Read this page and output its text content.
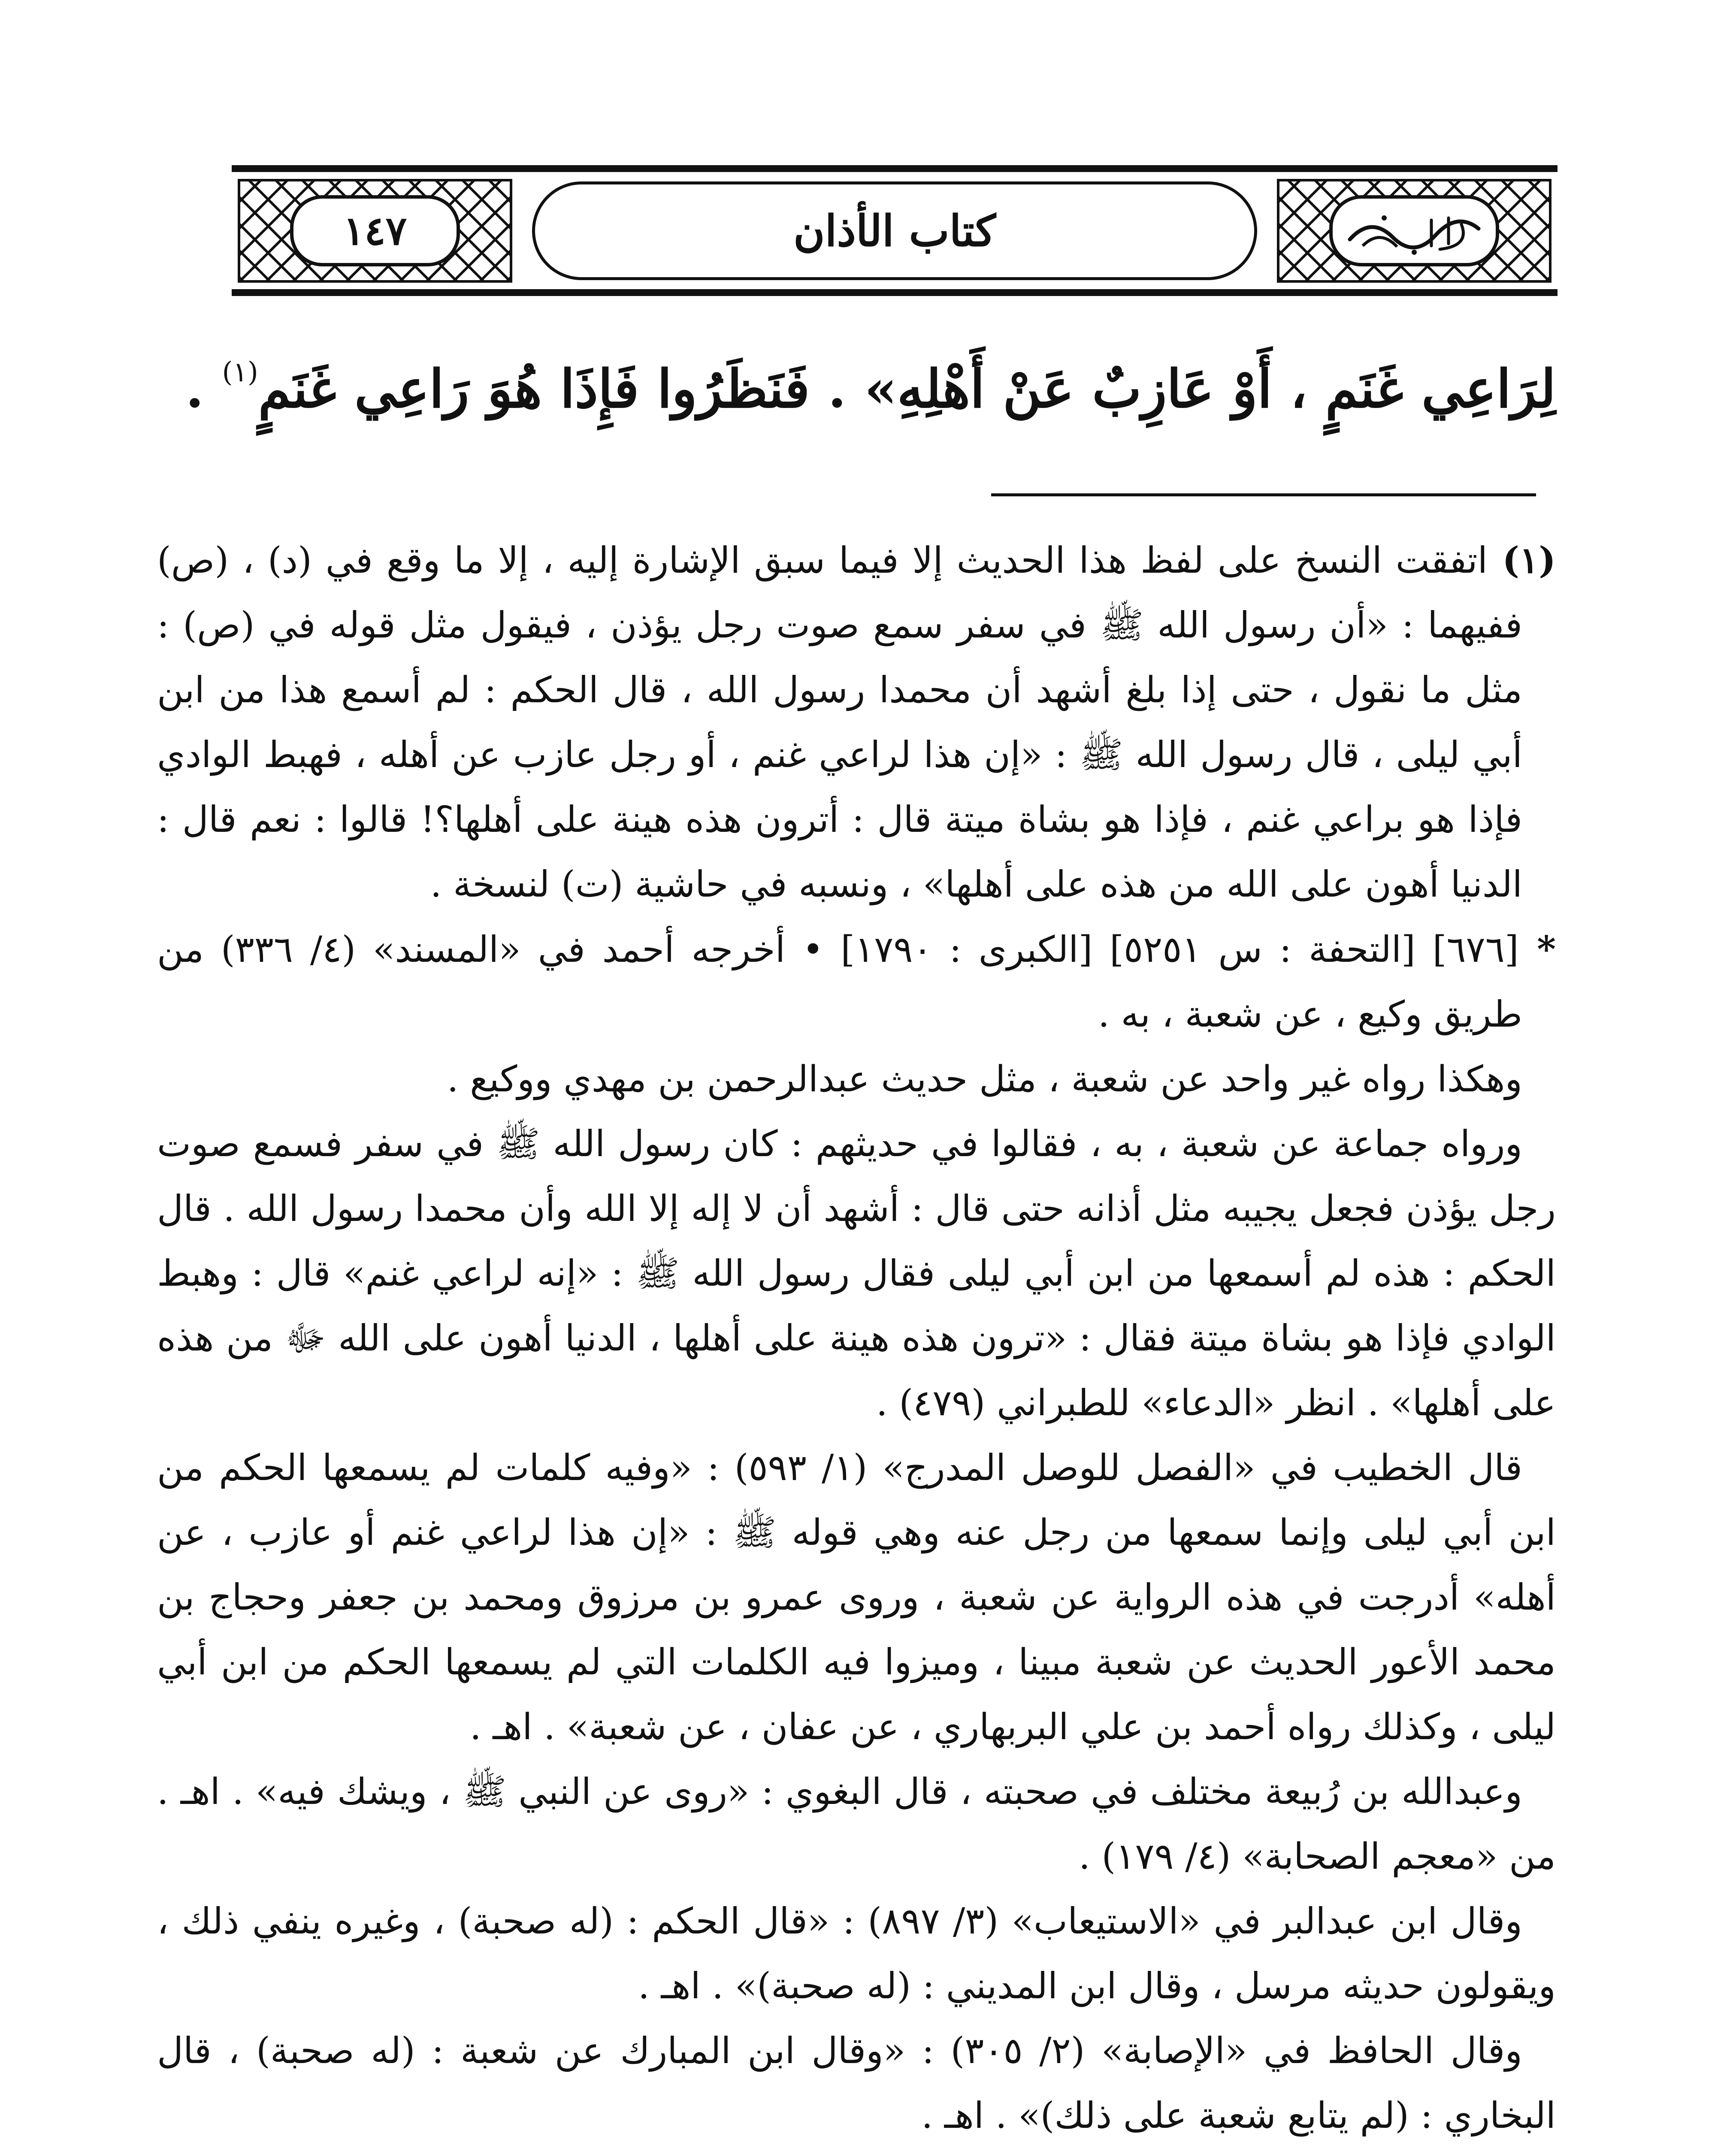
كتاب الأذان
١٤٧
لِرَاعِي غَنَمٍ ، أَوْ عَازِبٌ عَنْ أَهْلِهِ» . فَنَظَرُوا فَإِذَا هُوَ رَاعِي غَنَمٍ$^{(١)}$ .

(١) اتفقت النسخ على لفظ هذا الحديث إلا فيما سبق الإشارة إليه ، إلا ما وقع في (د) ، (ص) ففيهما : «أن رسول الله ﷺ في سفر سمع صوت رجل يؤذن ، فيقول مثل قوله في (ص) : مثل ما نقول ، حتى إذا بلغ أشهد أن محمدا رسول الله ، قال الحكم : لم أسمع هذا من ابن أبي ليلى ، قال رسول الله ﷺ : «إن هذا لراعي غنم ، أو رجل عازب عن أهله ، فهبط الوادي فإذا هو براعي غنم ، فإذا هو بشاة ميتة قال : أترون هذه هينة على أهلها؟! قالوا : نعم قال : الدنيا أهون على الله من هذه على أهلها» ، ونسبه في حاشية (ت) لنسخة .

* [٦٧٦] [التحفة : س ٥٢٥١] [الكبرى : ١٧٩٠] • أخرجه أحمد في «المسند» (٤/ ٣٣٦) من طريق وكيع ، عن شعبة ، به .

وهكذا رواه غير واحد عن شعبة ، مثل حديث عبدالرحمن بن مهدي ووكيع .

ورواه جماعة عن شعبة ، به ، فقالوا في حديثهم : كان رسول الله ﷺ في سفر فسمع صوت رجل يؤذن فجعل يجيبه مثل أذانه حتى قال : أشهد أن لا إله إلا الله وأن محمدا رسول الله . قال الحكم : هذه لم أسمعها من ابن أبي ليلى فقال رسول الله ﷺ : «إنه لراعي غنم» قال : وهبط الوادي فإذا هو بشاة ميتة فقال : «ترون هذه هينة على أهلها ، الدنيا أهون على الله ﷻ من هذه على أهلها» . انظر «الدعاء» للطبراني (٤٧٩) .

قال الخطيب في «الفصل للوصل المدرج» (١/ ٥٩٣) : «وفيه كلمات لم يسمعها الحكم من ابن أبي ليلى وإنما سمعها من رجل عنه وهي قوله ﷺ : «إن هذا لراعي غنم أو عازب ، عن أهله» أدرجت في هذه الرواية عن شعبة ، وروى عمرو بن مرزوق ومحمد بن جعفر وحجاج بن محمد الأعور الحديث عن شعبة مبينا ، وميزوا فيه الكلمات التي لم يسمعها الحكم من ابن أبي ليلى ، وكذلك رواه أحمد بن علي البربهاري ، عن عفان ، عن شعبة» . اهـ .

وعبدالله بن رُبيعة مختلف في صحبته ، قال البغوي : «روى عن النبي ﷺ ، ويشك فيه» . اهـ . من «معجم الصحابة» (٤/ ١٧٩) .

وقال ابن عبدالبر في «الاستيعاب» (٣/ ٨٩٧) : «قال الحكم : (له صحبة) ، وغيره ينفي ذلك ، ويقولون حديثه مرسل ، وقال ابن المديني : (له صحبة)» . اهـ .

وقال الحافظ في «الإصابة» (٢/ ٣٠٥) : «وقال ابن المبارك عن شعبة : (له صحبة) ، قال البخاري : (لم يتابع شعبة على ذلك)» . اهـ .
